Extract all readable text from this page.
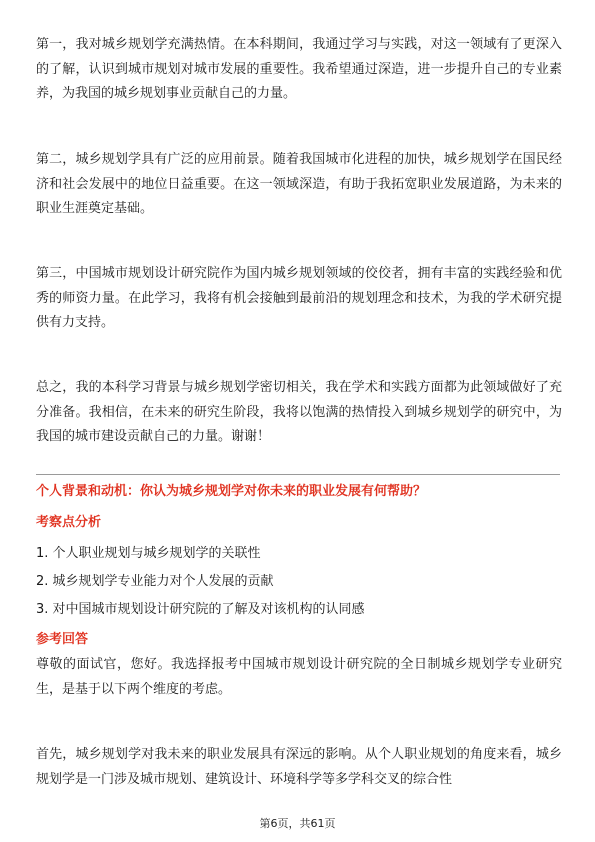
第一，我对城乡规划学充满热情。在本科期间，我通过学习与实践，对这一领域有了更深入的了解，认识到城市规划对城市发展的重要性。我希望通过深造，进一步提升自己的专业素养，为我国的城乡规划事业贡献自己的力量。

第二，城乡规划学具有广泛的应用前景。随着我国城市化进程的加快，城乡规划学在国民经济和社会发展中的地位日益重要。在这一领域深造，有助于我拓宽职业发展道路，为未来的职业生涯奠定基础。

第三，中国城市规划设计研究院作为国内城乡规划领域的佼佼者，拥有丰富的实践经验和优秀的师资力量。在此学习，我将有机会接触到最前沿的规划理念和技术，为我的学术研究提供有力支持。

总之，我的本科学习背景与城乡规划学密切相关，我在学术和实践方面都为此领域做好了充分准备。我相信，在未来的研究生阶段，我将以饱满的热情投入到城乡规划学的研究中，为我国的城市建设贡献自己的力量。谢谢！

个人背景和动机：你认为城乡规划学对你未来的职业发展有何帮助？

考察点分析

1. 个人职业规划与城乡规划学的关联性
2. 城乡规划学专业能力对个人发展的贡献
3. 对中国城市规划设计研究院的了解及对该机构的认同感

参考回答

尊敬的面试官，您好。我选择报考中国城市规划设计研究院的全日制城乡规划学专业研究生，是基于以下两个维度的考虑。

首先，城乡规划学对我未来的职业发展具有深远的影响。从个人职业规划的角度来看，城乡规划学是一门涉及城市规划、建筑设计、环境科学等多学科交叉的综合性

第6页，共61页
